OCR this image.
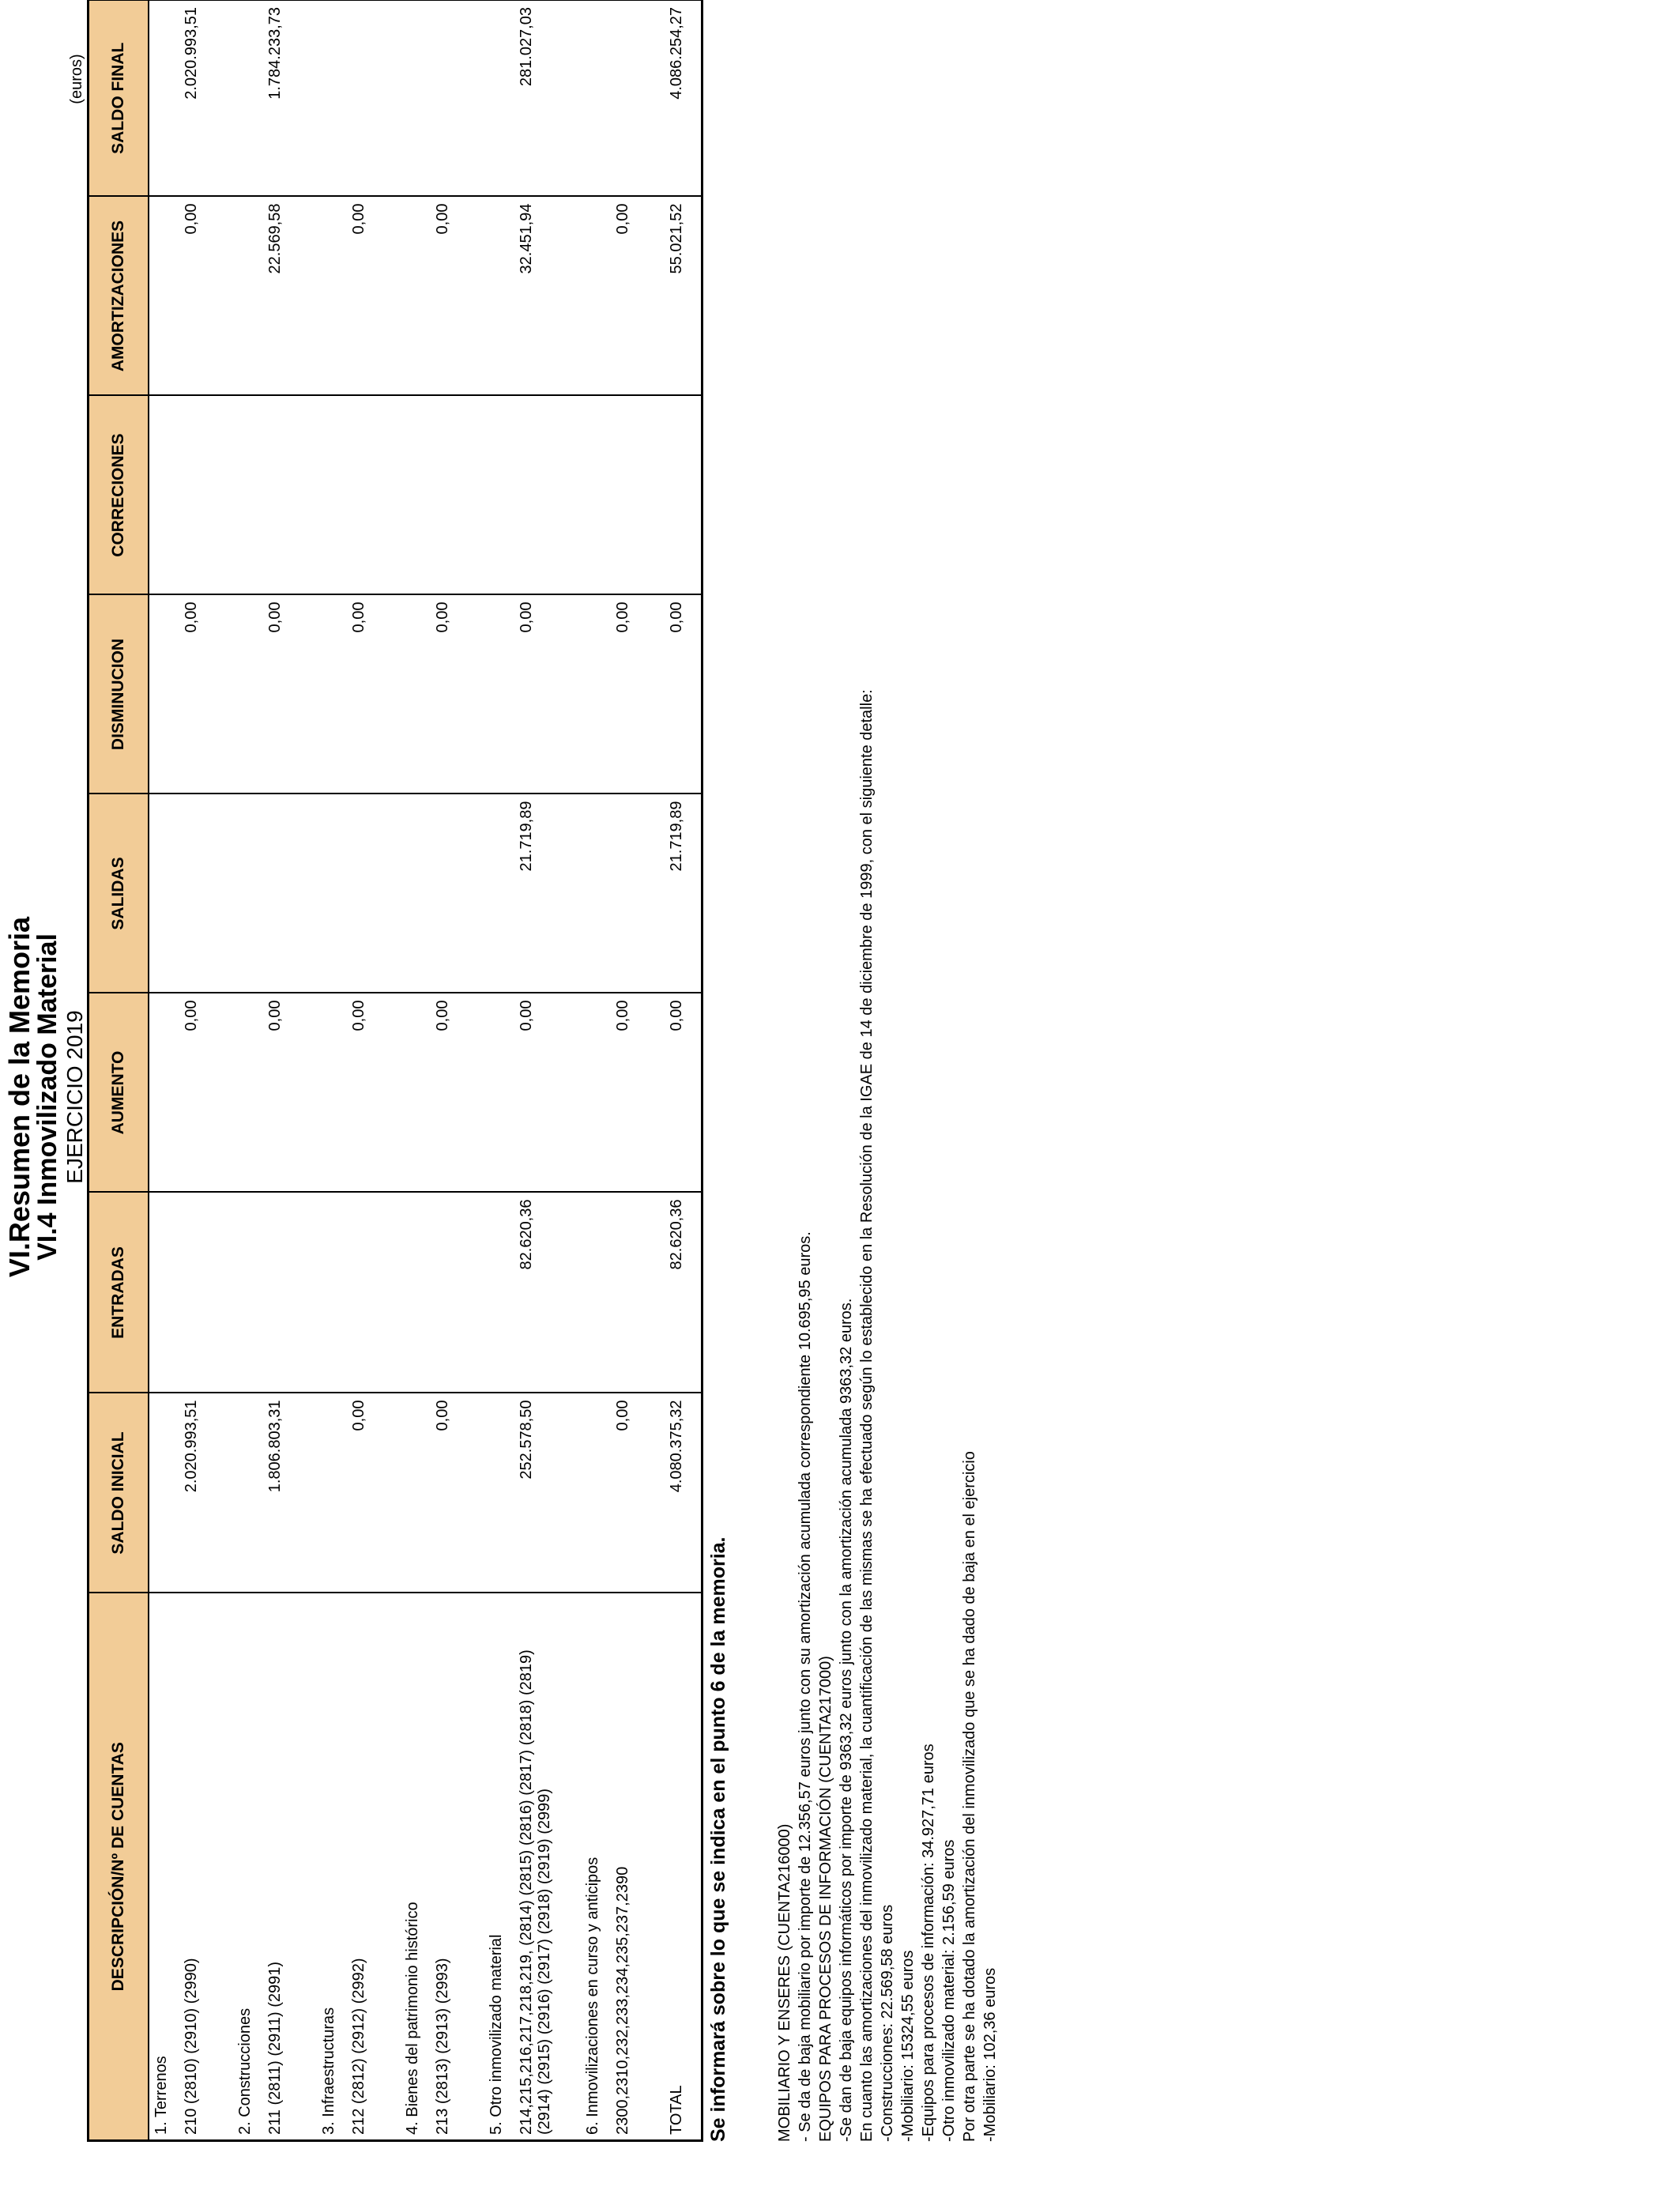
VI.Resumen de la Memoria
VI.4 Inmovilizado Material EJERCICIO 2019
(euros)
DESCRIPCIÓN/Nº DE CUENTAS	SALDO INICIAL	ENTRADAS	AUMENTO	SALIDAS	DISMINUCION	CORRECIONES	AMORTIZACIONES	SALDO FINAL
1. Terrenos								
210 (2810) (2910) (2990)	2.020.993,51		0,00		0,00		0,00	2.020.993,51
2. Construcciones								
211 (2811) (2911) (2991)	1.806.803,31		0,00		0,00		22.569,58	1.784.233,73
3. Infraestructuras								
212 (2812) (2912) (2992)	0,00		0,00		0,00		0,00	
4. Bienes del patrimonio histórico								
213 (2813) (2913) (2993)	0,00		0,00		0,00		0,00	
5. Otro inmovilizado material								
214,215,216,217,218,219, (2814) (2815) (2816) (2817) (2818) (2819) (2914) (2915) (2916) (2917) (2918) (2919) (2999)	252.578,50	82.620,36	0,00	21.719,89	0,00		32.451,94	281.027,03
6. Inmovilizaciones en curso y anticipos								
2300,2310,232,233,234,235,237,2390	0,00		0,00		0,00		0,00	
TOTAL	4.080.375,32	82.620,36	0,00	21.719,89	0,00		55.021,52	4.086.254,27
Se informará sobre lo que se indica en el punto 6 de la memoria.	MOBILIARIO Y ENSERES (CUENTA216000) - Se da de baja mobiliario por importe de 12.356,57 euros junto con su amortización acumulada correspondiente 10.695,95 euros. EQUIPOS PARA PROCESOS DE INFORMACIÓN (CUENTA217000) -Se dan de baja equipos informáticos por importe de 9363,32 euros junto con la amortización acumulada 9363,32 euros. En cuanto las amortizaciones del inmovilizado material, la cuantificación de las mismas se ha efectuado según lo establecido en la Resolución de la IGAE de 14 de diciembre de 1999, con el siguiente detalle: -Construcciones: 22.569,58 euros -Mobiliario: 15324,55 euros -Equipos para procesos de información: 34.927,71 euros -Otro inmovilizado material: 2.156,59 euros Por otra parte se ha dotado la amortización del inmovilizado que se ha dado de baja en el ejercicio -Mobiliario: 102,36 euros
